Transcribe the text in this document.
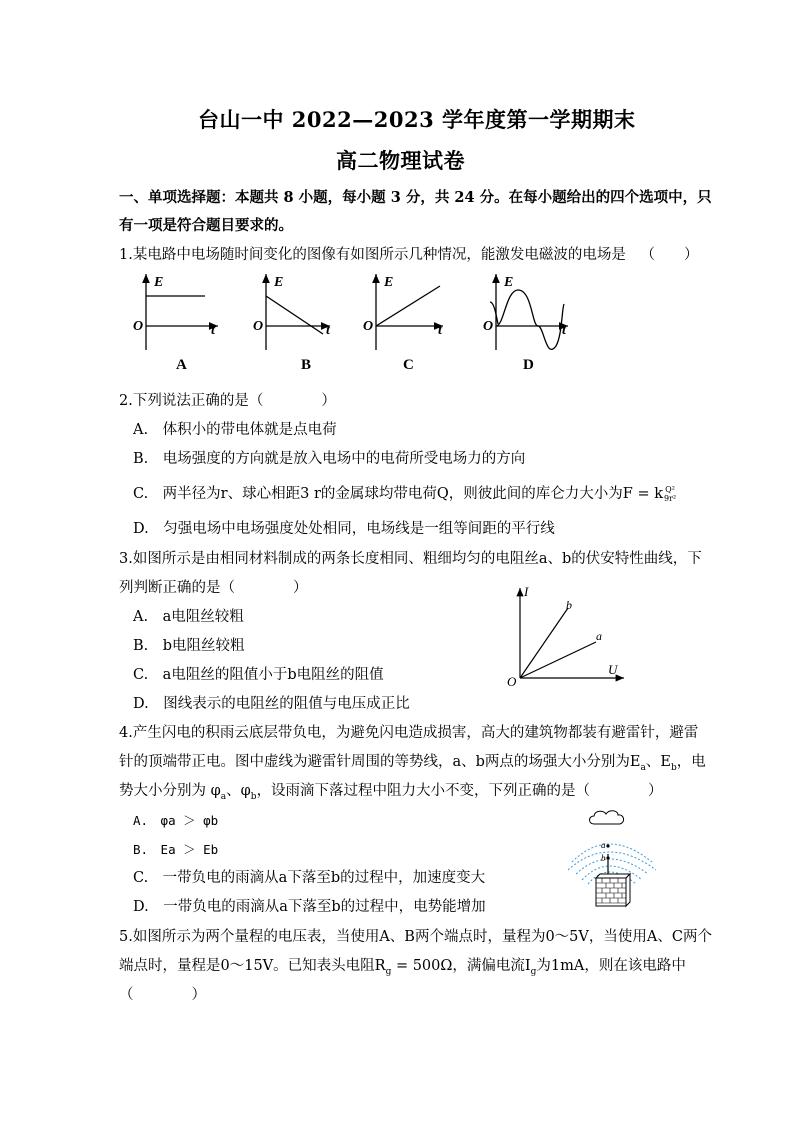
台山一中 2022—2023 学年度第一学期期末
高二物理试卷
一、单项选择题：本题共 8 小题，每小题 3 分，共 24 分。在每小题给出的四个选项中，只
有一项是符合题目要求的。
1.某电路中电场随时间变化的图像有如图所示几种情况，能激发电磁波的电场是 （　　）
E
O	t
A
E
O	t
B
E
O	t
C
E
O	t
D
2.下列说法正确的是（　　　　）
A.　体积小的带电体就是点电荷
B.　电场强度的方向就是放入电场中的电荷所受电场力的方向
C.　两半径为r、球心相距3 r的金属球均带电荷Q，则彼此间的库仑力大小为F = k Q²
9r²
D.　匀强电场中电场强度处处相同，电场线是一组等间距的平行线
3.如图所示是由相同材料制成的两条长度相同、粗细均匀的电阻丝a、b的伏安特性曲线，下
列判断正确的是（　　　　）
A.　a电阻丝较粗
B.　b电阻丝较粗
C.　a电阻丝的阻值小于b电阻丝的阻值
D.　图线表示的电阻丝的阻值与电压成正比
I
O
U
b
a
4.产生闪电的积雨云底层带负电，为避免闪电造成损害，高大的建筑物都装有避雷针，避雷
针的顶端带正电。图中虚线为避雷针周围的等势线，a、b两点的场强大小分别为$E_a$、$E_b$，电
势大小分别为 $\varphi_a$、$\varphi_b$，设雨滴下落过程中阻力大小不变，下列正确的是（　　　　）
A.　φa ＞ φb
B.　Ea ＞ Eb
C.　一带负电的雨滴从a下落至b的过程中，加速度变大
D.　一带负电的雨滴从a下落至b的过程中，电势能增加
a
b
5.如图所示为两个量程的电压表，当使用A、B两个端点时，量程为0～5V，当使用A、C两个
端点时，量程是0～15V。已知表头电阻$R_g = 500\Omega$，满偏电流$I_g$为1mA，则在该电路中
（　　　　）
